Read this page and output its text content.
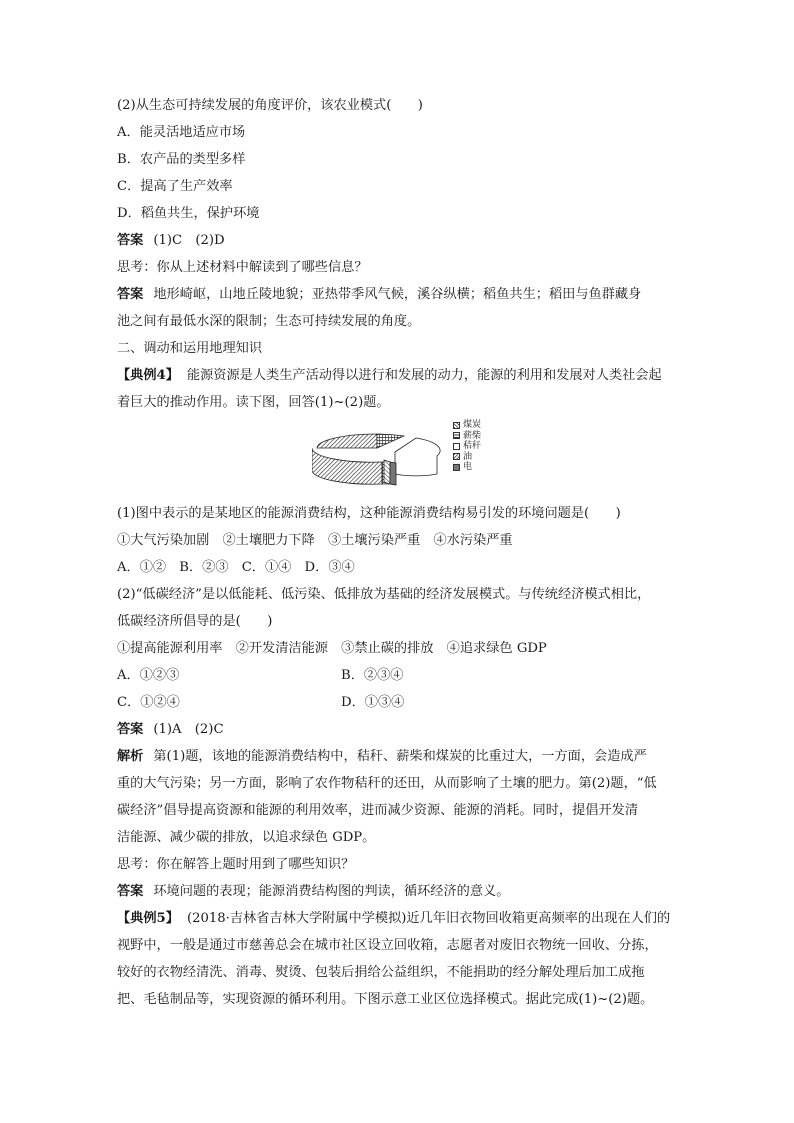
(2)从生态可持续发展的角度评价，该农业模式(　　)
A．能灵活地适应市场
B．农产品的类型多样
C．提高了生产效率
D．稻鱼共生，保护环境
答案 (1)C　(2)D
思考：你从上述材料中解读到了哪些信息？
答案 地形崎岖，山地丘陵地貌；亚热带季风气候，溪谷纵横；稻鱼共生；稻田与鱼群藏身
池之间有最低水深的限制；生态可持续发展的角度。
二、调动和运用地理知识
【典例4】 能源资源是人类生产活动得以进行和发展的动力，能源的利用和发展对人类社会起
着巨大的推动作用。读下图，回答(1)~(2)题。
煤炭
薪柴
秸秆
油
电
(1)图中表示的是某地区的能源消费结构，这种能源消费结构易引发的环境问题是(　　)
①大气污染加剧　②土壤肥力下降　③土壤污染严重　④水污染严重
A．①②　B．②③　C．①④　D．③④
(2)“低碳经济”是以低能耗、低污染、低排放为基础的经济发展模式。与传统经济模式相比，
低碳经济所倡导的是(　　)
①提高能源利用率　②开发清洁能源　③禁止碳的排放　④追求绿色 GDP
A．①②③	B．②③④
C．①②④	D．①③④
答案 (1)A　(2)C
解析 第(1)题，该地的能源消费结构中，秸秆、薪柴和煤炭的比重过大，一方面，会造成严
重的大气污染；另一方面，影响了农作物秸秆的还田，从而影响了土壤的肥力。第(2)题，“低
碳经济”倡导提高资源和能源的利用效率，进而减少资源、能源的消耗。同时，提倡开发清
洁能源、减少碳的排放，以追求绿色 GDP。
思考：你在解答上题时用到了哪些知识？
答案 环境问题的表现；能源消费结构图的判读，循环经济的意义。
【典例5】 (2018·吉林省吉林大学附属中学模拟)近几年旧衣物回收箱更高频率的出现在人们的
视野中，一般是通过市慈善总会在城市社区设立回收箱，志愿者对废旧衣物统一回收、分拣，
较好的衣物经清洗、消毒、熨烫、包装后捐给公益组织，不能捐助的经分解处理后加工成拖
把、毛毡制品等，实现资源的循环利用。下图示意工业区位选择模式。据此完成(1)~(2)题。
